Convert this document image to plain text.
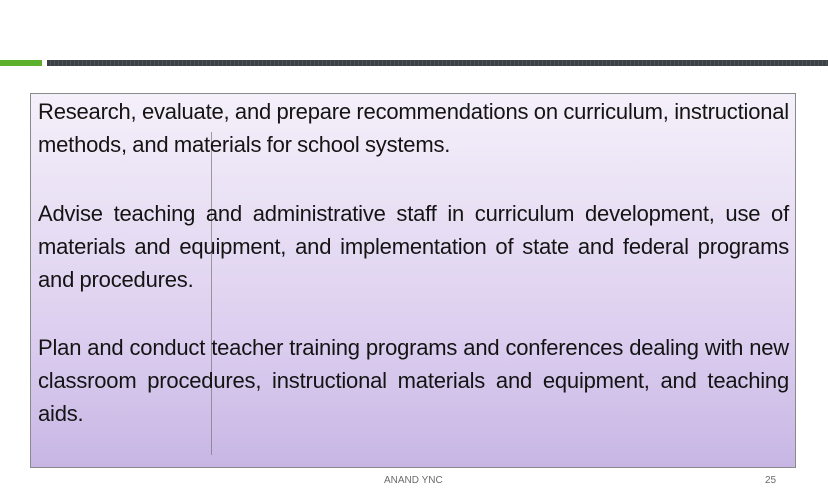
Research, evaluate, and prepare recommendations on curriculum, instructional methods, and materials for school systems.

Advise teaching and administrative staff in curriculum development, use of materials and equipment, and implementation of state and federal programs and procedures.

Plan and conduct teacher training programs and conferences dealing with new classroom procedures, instructional materials and equipment, and teaching aids.

ANAND YNC	25
